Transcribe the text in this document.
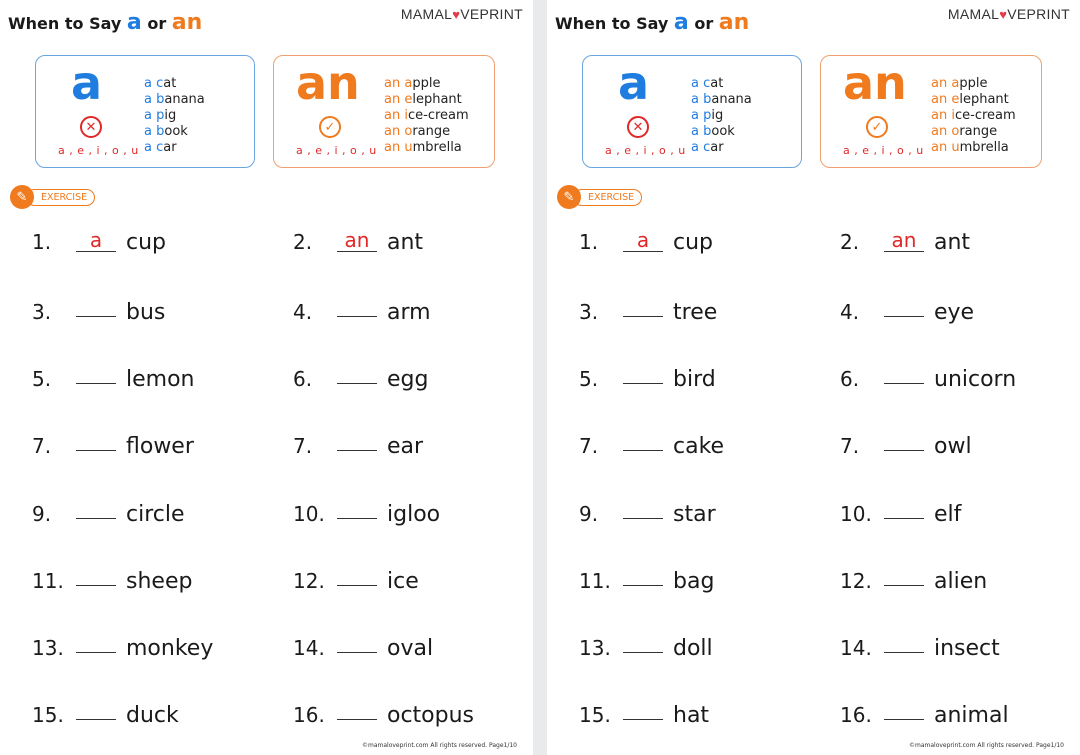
When to Say a or an	MAMAL♥VEPRINT
a
✕
a , e , i , o , u
a cat
a banana
a pig
a book
a car
an
✓
a , e , i , o , u
an apple
an elephant
an ice-cream
an orange
an umbrella
✎	EXERCISE
1. a cup	2. an ant
3.	bus	4.	arm
5.	lemon	6.	egg
7.	flower	7.	ear
9.	circle	10.	igloo
11.	sheep	12.	ice
13.	monkey	14.	oval
15.	duck	16.	octopus
©mamaloveprint.com All rights reserved. Page1/10
When to Say a or an	MAMAL♥VEPRINT
a
✕
a , e , i , o , u
a cat
a banana
a pig
a book
a car
an
✓
a , e , i , o , u
an apple
an elephant
an ice-cream
an orange
an umbrella
✎	EXERCISE
1. a cup	2. an ant
3.	tree	4.	eye
5.	bird	6.	unicorn
7.	cake	7.	owl
9.	star	10.	elf
11.	bag	12.	alien
13.	doll	14.	insect
15.	hat	16.	animal
©mamaloveprint.com All rights reserved. Page1/10
